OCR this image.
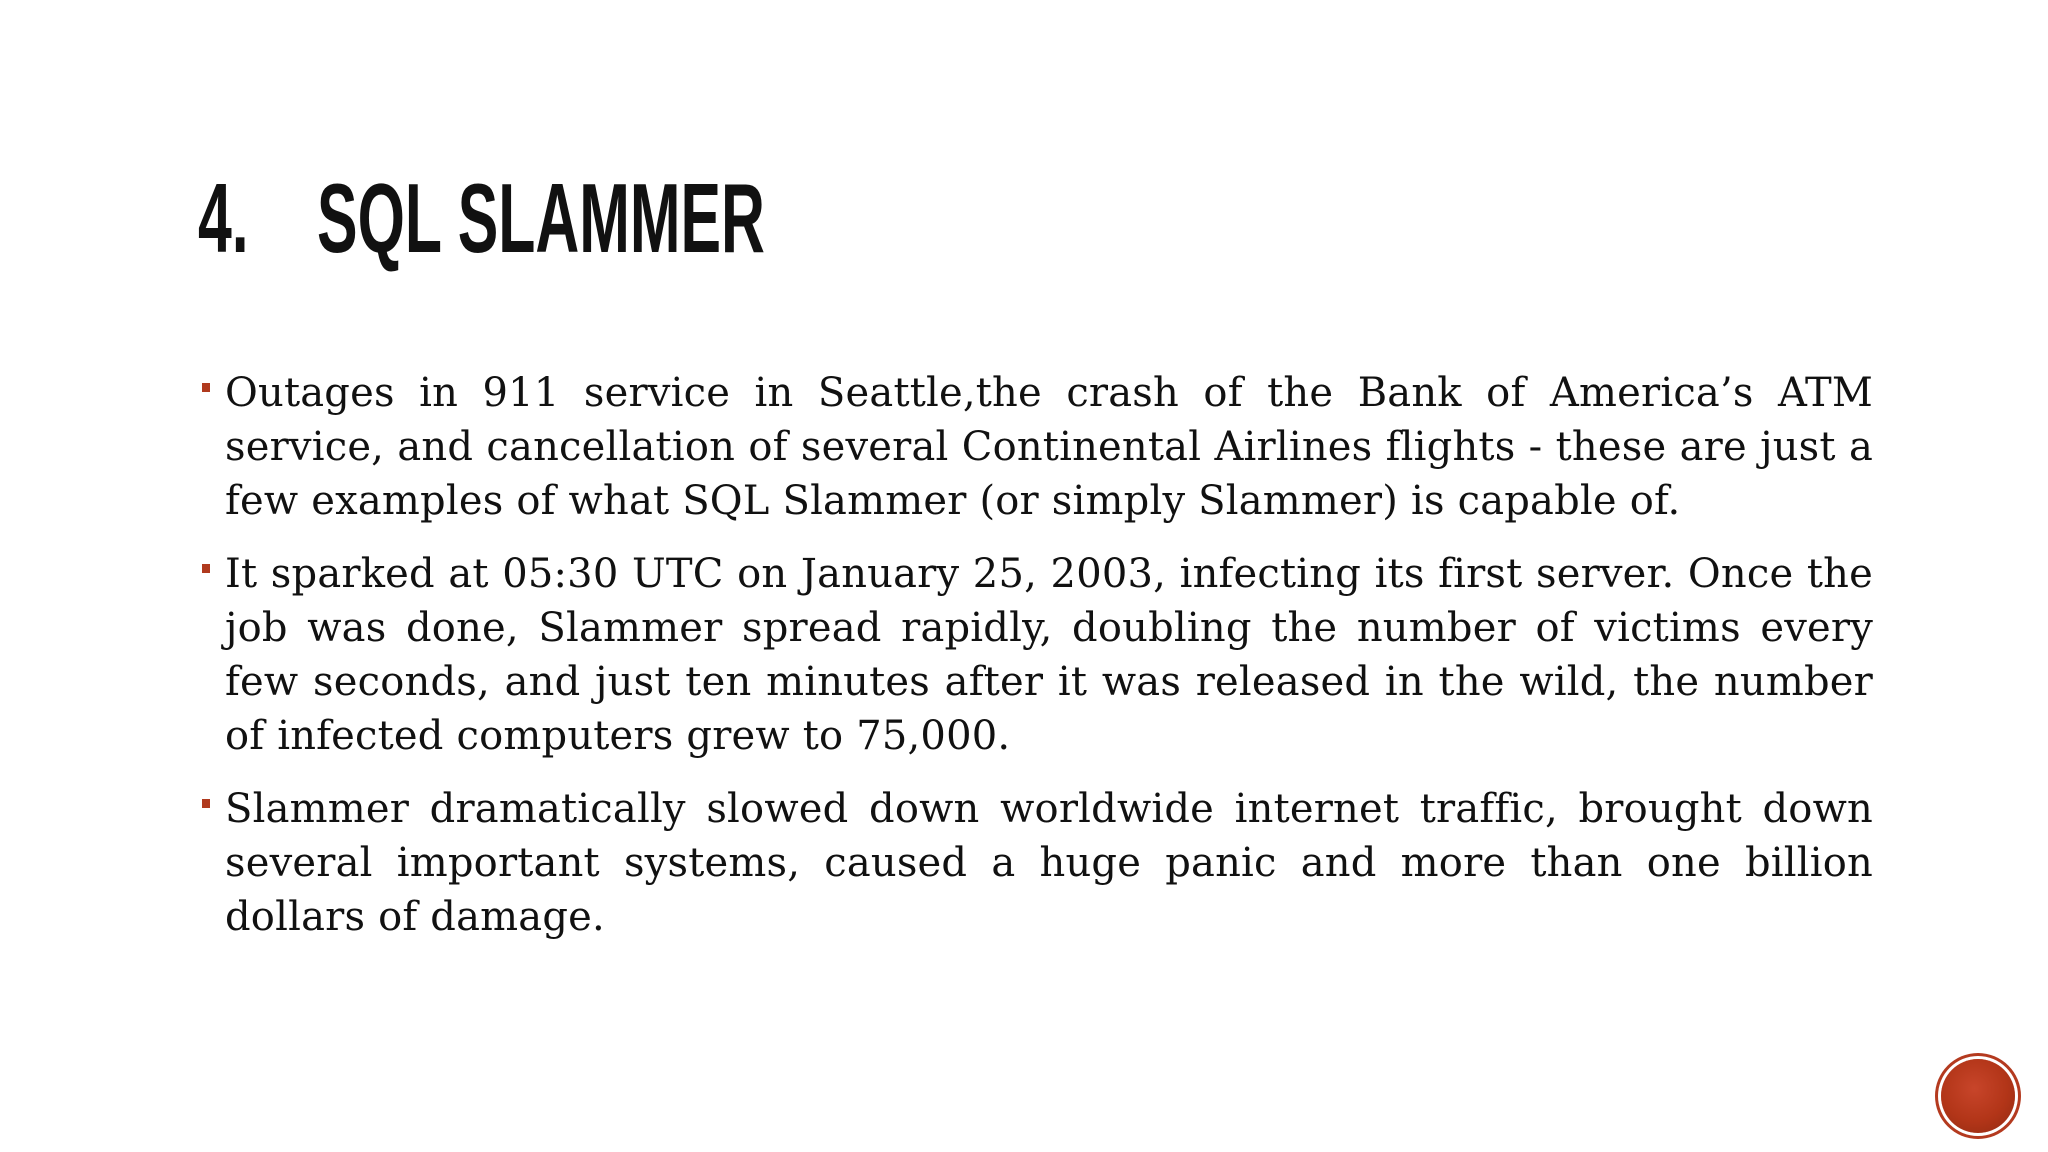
4. SQL SLAMMER
Outages in 911 service in Seattle,the crash of the Bank of America’s ATM service, and cancellation of several Continental Airlines flights - these are just a few examples of what SQL Slammer (or simply Slammer) is capable of.
It sparked at 05:30 UTC on January 25, 2003, infecting its first server. Once the job was done, Slammer spread rapidly, doubling the number of victims every few seconds, and just ten minutes after it was released in the wild, the number of infected computers grew to 75,000.
Slammer dramatically slowed down worldwide internet traffic, brought down several important systems, caused a huge panic and more than one billion dollars of damage.
